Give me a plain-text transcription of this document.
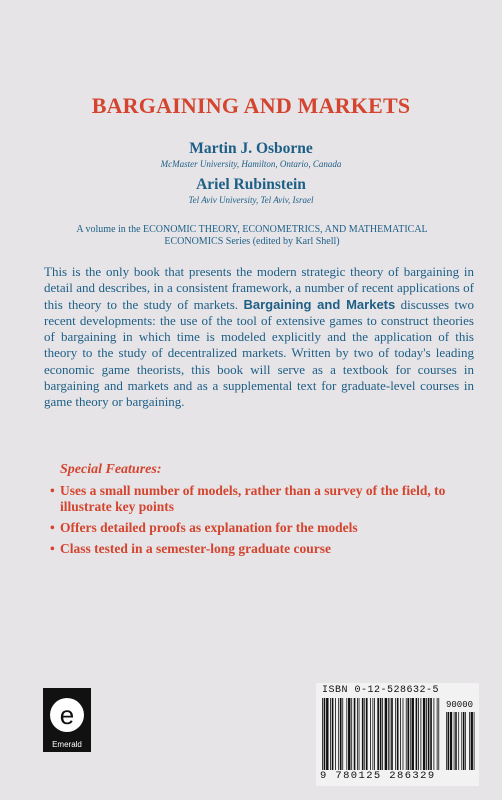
BARGAINING AND MARKETS
Martin J. Osborne
McMaster University, Hamilton, Ontario, Canada
Ariel Rubinstein
Tel Aviv University, Tel Aviv, Israel
A volume in the ECONOMIC THEORY, ECONOMETRICS, AND MATHEMATICAL ECONOMICS Series (edited by Karl Shell)

This is the only book that presents the modern strategic theory of bargaining in detail and describes, in a consistent framework, a number of recent applications of this theory to the study of markets. Bargaining and Markets discusses two recent developments: the use of the tool of extensive games to construct theories of bargaining in which time is modeled explicitly and the application of this theory to the study of decentralized markets. Written by two of today's leading economic game theorists, this book will serve as a textbook for courses in bargaining and markets and as a supplemental text for graduate-level courses in game theory or bargaining.

Special Features:
• Uses a small number of models, rather than a survey of the field, to illustrate key points
• Offers detailed proofs as explanation for the models
• Class tested in a semester-long graduate course
e
Emerald
ISBN 0-12-528632-5
90000
9 780125 286329
